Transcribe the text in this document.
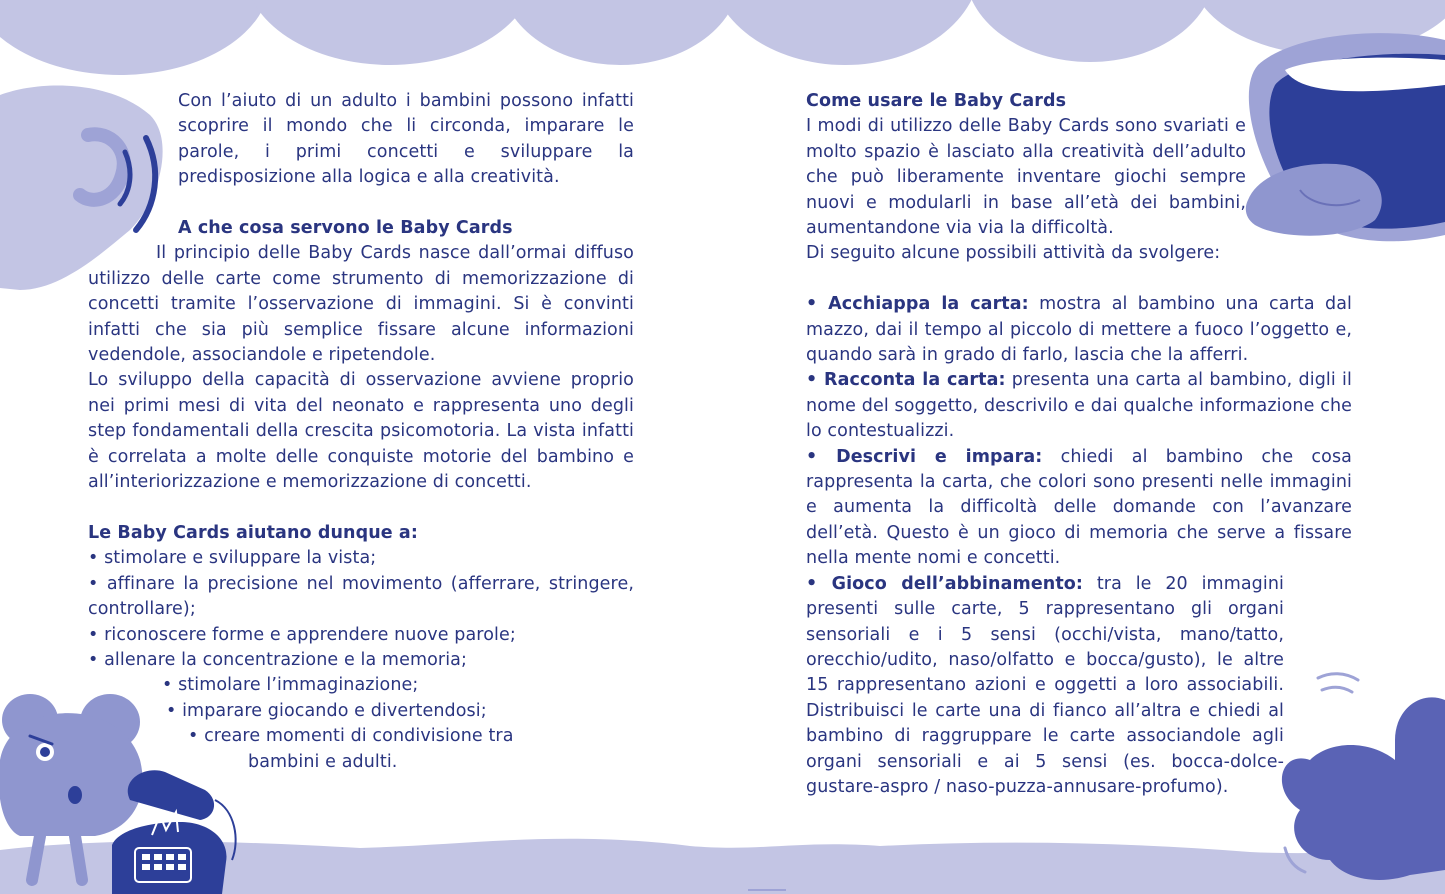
Con l’aiuto di un adulto i bambini possono infatti scoprire il mondo che li circonda, imparare le parole, i primi concetti e sviluppare la predisposizione alla logica e alla creatività.

A che cosa servono le Baby Cards

Il principio delle Baby Cards nasce dall’ormai diffuso utilizzo delle carte come strumento di memorizzazione di concetti tramite l’osservazione di immagini. Si è convinti infatti che sia più semplice fissare alcune informazioni vedendole, associandole e ripetendole.

Lo sviluppo della capacità di osservazione avviene proprio nei primi mesi di vita del neonato e rappresenta uno degli step fondamentali della crescita psicomotoria. La vista infatti è correlata a molte delle conquiste motorie del bambino e all’interiorizzazione e memorizzazione di concetti.

Le Baby Cards aiutano dunque a:

• stimolare e sviluppare la vista;

• affinare la precisione nel movimento (afferrare, stringere, controllare);

• riconoscere forme e apprendere nuove parole;

• allenare la concentrazione e la memoria;

• stimolare l’immaginazione;

• imparare giocando e divertendosi;

• creare momenti di condivisione tra

bambini e adulti.

Come usare le Baby Cards

I modi di utilizzo delle Baby Cards sono svariati e molto spazio è lasciato alla creatività dell’adulto che può liberamente inventare giochi sempre nuovi e modularli in base all’età dei bambini, aumentandone via via la difficoltà.

Di seguito alcune possibili attività da svolgere:

• Acchiappa la carta: mostra al bambino una carta dal mazzo, dai il tempo al piccolo di mettere a fuoco l’oggetto e, quando sarà in grado di farlo, lascia che la afferri.

• Racconta la carta: presenta una carta al bambino, digli il nome del soggetto, descrivilo e dai qualche informazione che lo contestualizzi.

• Descrivi e impara: chiedi al bambino che cosa rappresenta la carta, che colori sono presenti nelle immagini e aumenta la difficoltà delle domande con l’avanzare dell’età. Questo è un gioco di memoria che serve a fissare nella mente nomi e concetti.

• Gioco dell’abbinamento: tra le 20 immagini presenti sulle carte, 5 rappresentano gli organi sensoriali e i 5 sensi (occhi/vista, mano/tatto, orecchio/udito, naso/olfatto e bocca/gusto), le altre 15 rappresentano azioni e oggetti a loro associabili. Distribuisci le carte una di fianco all’altra e chiedi al bambino di raggruppare le carte associandole agli organi sensoriali e ai 5 sensi (es. bocca-dolce-gustare-aspro / naso-puzza-annusare-profumo).
